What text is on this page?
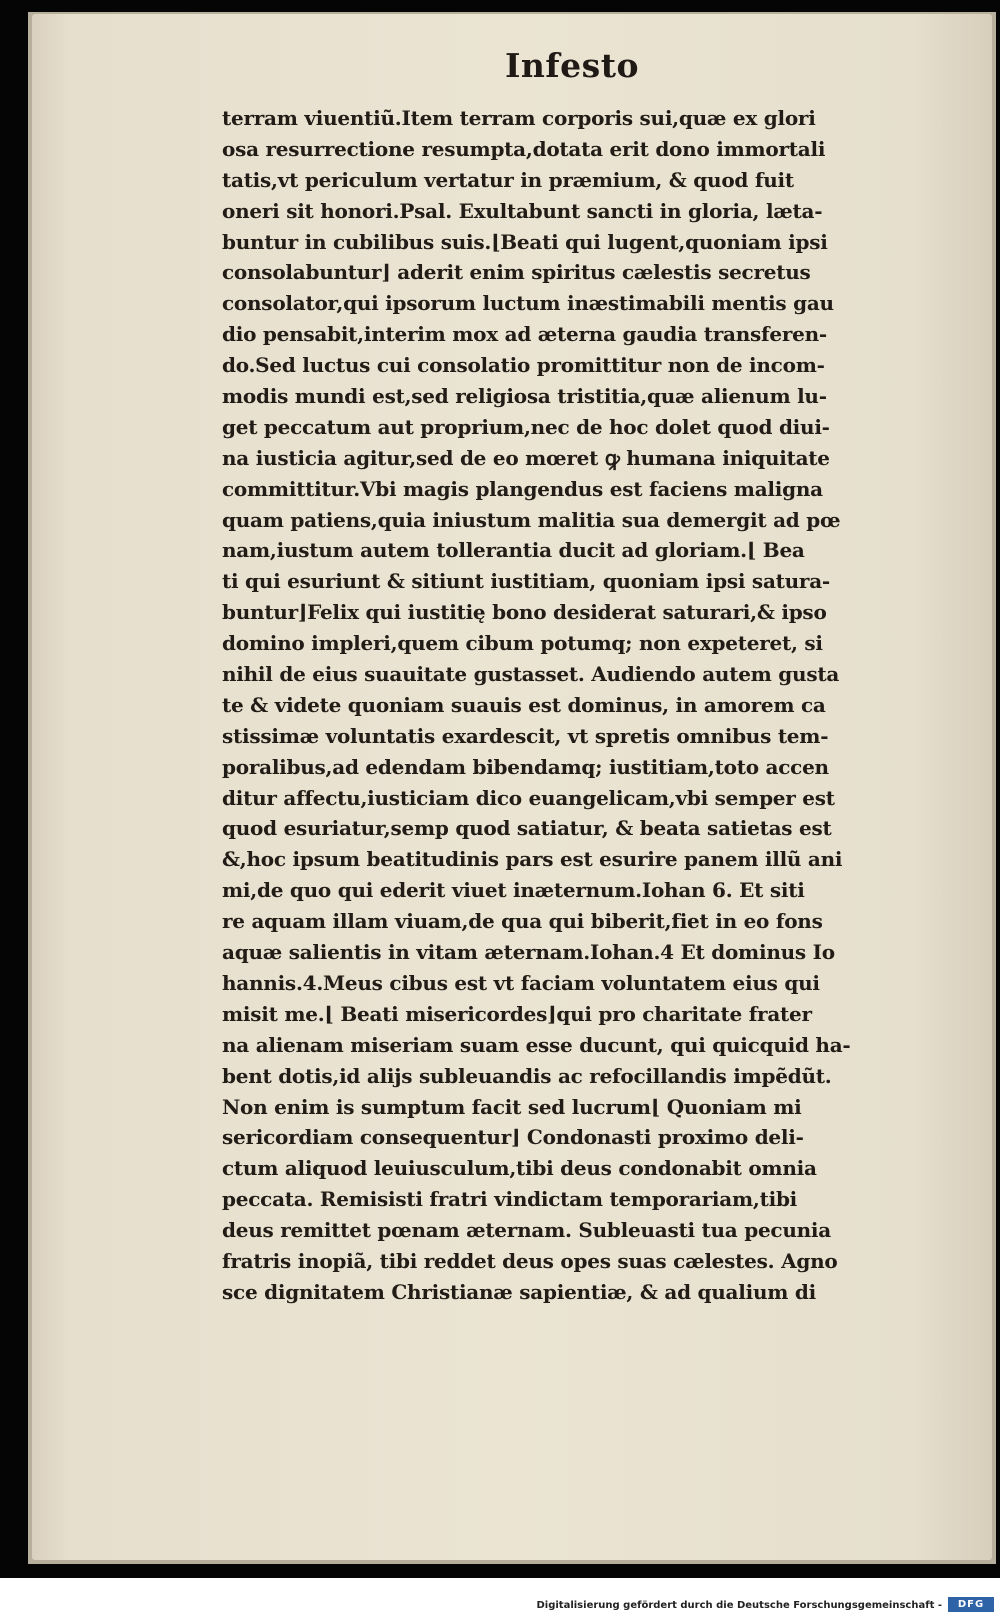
Infesto
terram viuentiũ.Item terram corporis sui,quæ ex glori
osa resurrectione resumpta,dotata erit dono immortali
tatis,vt periculum vertatur in præmium, & quod fuit
oneri sit honori.Psal. Exultabunt sancti in gloria, læta-
buntur in cubilibus suis.⌊Beati qui lugent,quoniam ipsi
consolabuntur⌋ aderit enim spiritus cælestis secretus
consolator,qui ipsorum luctum inæstimabili mentis gau
dio pensabit,interim mox ad æterna gaudia transferen-
do.Sed luctus cui consolatio promittitur non de incom-
modis mundi est,sed religiosa tristitia,quæ alienum lu-
get peccatum aut proprium,nec de hoc dolet quod diui-
na iusticia agitur,sed de eo mœret ꝙ humana iniquitate
committitur.Vbi magis plangendus est faciens maligna
quam patiens,quia iniustum malitia sua demergit ad pœ
nam,iustum autem tollerantia ducit ad gloriam.⌊ Bea
ti qui esuriunt & sitiunt iustitiam, quoniam ipsi satura-
buntur⌋Felix qui iustitię bono desiderat saturari,& ipso
domino impleri,quem cibum potumq; non expeteret, si
nihil de eius suauitate gustasset. Audiendo autem gusta
te & videte quoniam suauis est dominus, in amorem ca
stissimæ voluntatis exardescit, vt spretis omnibus tem-
poralibus,ad edendam bibendamq; iustitiam,toto accen
ditur affectu,iusticiam dico euangelicam,vbi semper est
quod esuriatur,semp quod satiatur, & beata satietas est
&,hoc ipsum beatitudinis pars est esurire panem illũ ani
mi,de quo qui ederit viuet inæternum.Iohan 6. Et siti
re aquam illam viuam,de qua qui biberit,fiet in eo fons
aquæ salientis in vitam æternam.Iohan.4 Et dominus Io
hannis.4.Meus cibus est vt faciam voluntatem eius qui
misit me.⌊ Beati misericordes⌋qui pro charitate frater
na alienam miseriam suam esse ducunt, qui quicquid ha-
bent dotis,id alijs subleuandis ac refocillandis impẽdũt.
Non enim is sumptum facit sed lucrum⌊ Quoniam mi
sericordiam consequentur⌋ Condonasti proximo deli-
ctum aliquod leuiusculum,tibi deus condonabit omnia
peccata. Remisisti fratri vindictam temporariam,tibi
deus remittet pœnam æternam. Subleuasti tua pecunia
fratris inopiã, tibi reddet deus opes suas cælestes. Agno
sce dignitatem Christianæ sapientiæ, & ad qualium di
Digitalisierung gefördert durch die Deutsche Forschungsgemeinschaft -	DFG
